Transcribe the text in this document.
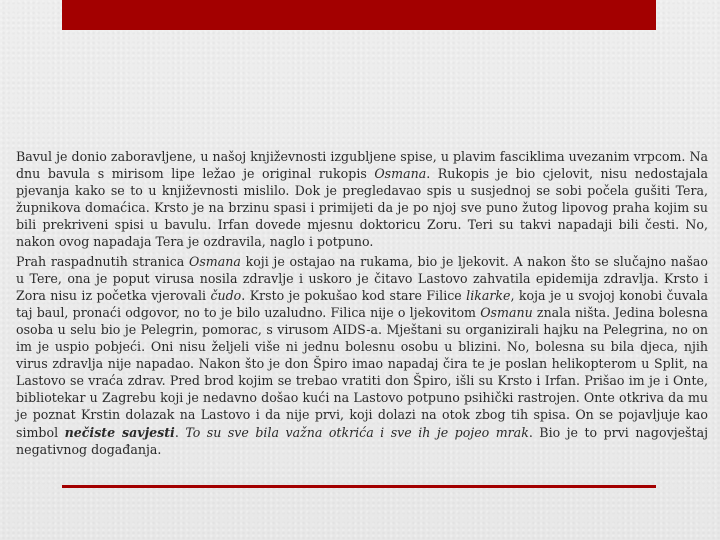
Bavul je donio zaboravljene, u našoj književnosti izgubljene spise, u plavim fasciklima uvezanim vrpcom. Na dnu bavula s mirisom lipe ležao je original rukopis Osmana. Rukopis je bio cjelovit, nisu nedostajala pjevanja kako se to u književnosti mislilo. Dok je pregledavao spis u susjednoj se sobi počela gušiti Tera, župnikova domaćica. Krsto je na brzinu spasi i primijeti da je po njoj sve puno žutog lipovog praha kojim su bili prekriveni spisi u bavulu. Irfan dovede mjesnu doktoricu Zoru. Teri su takvi napadaji bili česti. No, nakon ovog napadaja Tera je ozdravila, naglo i potpuno.

Prah raspadnutih stranica Osmana koji je ostajao na rukama, bio je ljekovit. A nakon što se slučajno našao u Tere, ona je poput virusa nosila zdravlje i uskoro je čitavo Lastovo zahvatila epidemija zdravlja. Krsto i Zora nisu iz početka vjerovali čudo. Krsto je pokušao kod stare Filice likarke, koja je u svojoj konobi čuvala taj baul, pronaći odgovor, no to je bilo uzaludno. Filica nije o ljekovitom Osmanu znala ništa. Jedina bolesna osoba u selu bio je Pelegrin, pomorac, s virusom AIDS-a. Mještani su organizirali hajku na Pelegrina, no on im je uspio pobjeći. Oni nisu željeli više ni jednu bolesnu osobu u blizini. No, bolesna su bila djeca, njih virus zdravlja nije napadao. Nakon što je don Špiro imao napadaj čira te je poslan helikopterom u Split, na Lastovo se vraća zdrav. Pred brod kojim se trebao vratiti don Špiro, išli su Krsto i Irfan. Prišao im je i Onte, bibliotekar u Zagrebu koji je nedavno došao kući na Lastovo potpuno psihički rastrojen. Onte otkriva da mu je poznat Krstin dolazak na Lastovo i da nije prvi, koji dolazi na otok zbog tih spisa. On se pojavljuje kao simbol nečiste savjesti. To su sve bila važna otkrića i sve ih je pojeo mrak. Bio je to prvi nagovještaj negativnog događanja.
